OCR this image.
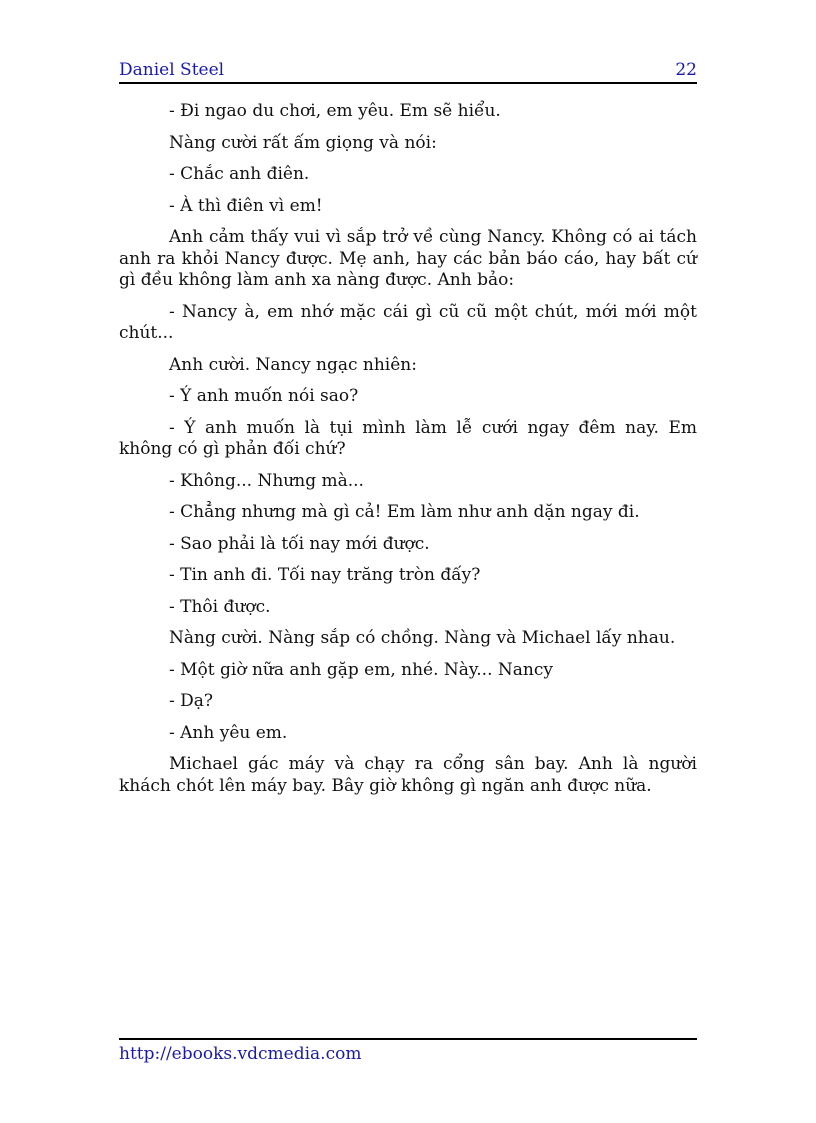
Daniel Steel	22

- Đi ngao du chơi, em yêu. Em sẽ hiểu.

Nàng cười rất ấm giọng và nói:

- Chắc anh điên.

- À thì điên vì em!

Anh cảm thấy vui vì sắp trở về cùng Nancy. Không có ai tách anh ra khỏi Nancy được. Mẹ anh, hay các bản báo cáo, hay bất cứ gì đều không làm anh xa nàng được. Anh bảo:

- Nancy à, em nhớ mặc cái gì cũ cũ một chút, mới mới một chút...

Anh cười. Nancy ngạc nhiên:

- Ý anh muốn nói sao?

- Ý anh muốn là tụi mình làm lễ cưới ngay đêm nay. Em không có gì phản đối chứ?

- Không... Nhưng mà...

- Chẳng nhưng mà gì cả! Em làm như anh dặn ngay đi.

- Sao phải là tối nay mới được.

- Tin anh đi. Tối nay trăng tròn đấy?

- Thôi được.

Nàng cười. Nàng sắp có chồng. Nàng và Michael lấy nhau.

- Một giờ nữa anh gặp em, nhé. Này... Nancy

- Dạ?

- Anh yêu em.

Michael gác máy và chạy ra cổng sân bay. Anh là người khách chót lên máy bay. Bây giờ không gì ngăn anh được nữa.

http://ebooks.vdcmedia.com
